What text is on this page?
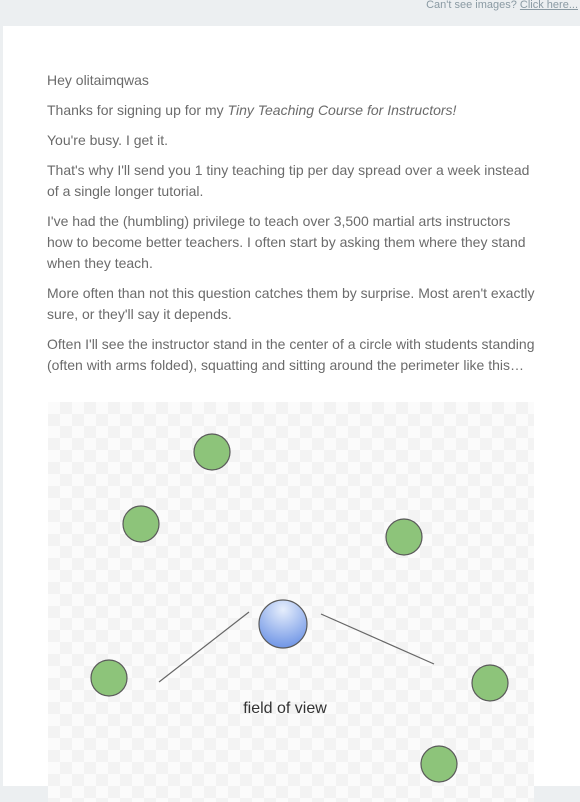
Can't see images? Click here...

Hey olitaimqwas

Thanks for signing up for my Tiny Teaching Course for Instructors!

You're busy. I get it.

That's why I'll send you 1 tiny teaching tip per day spread over a week instead of a single longer tutorial.

I've had the (humbling) privilege to teach over 3,500 martial arts instructors how to become better teachers. I often start by asking them where they stand when they teach.

More often than not this question catches them by surprise. Most aren't exactly sure, or they'll say it depends.

Often I'll see the instructor stand in the center of a circle with students standing (often with arms folded), squatting and sitting around the perimeter like this…

field of view
